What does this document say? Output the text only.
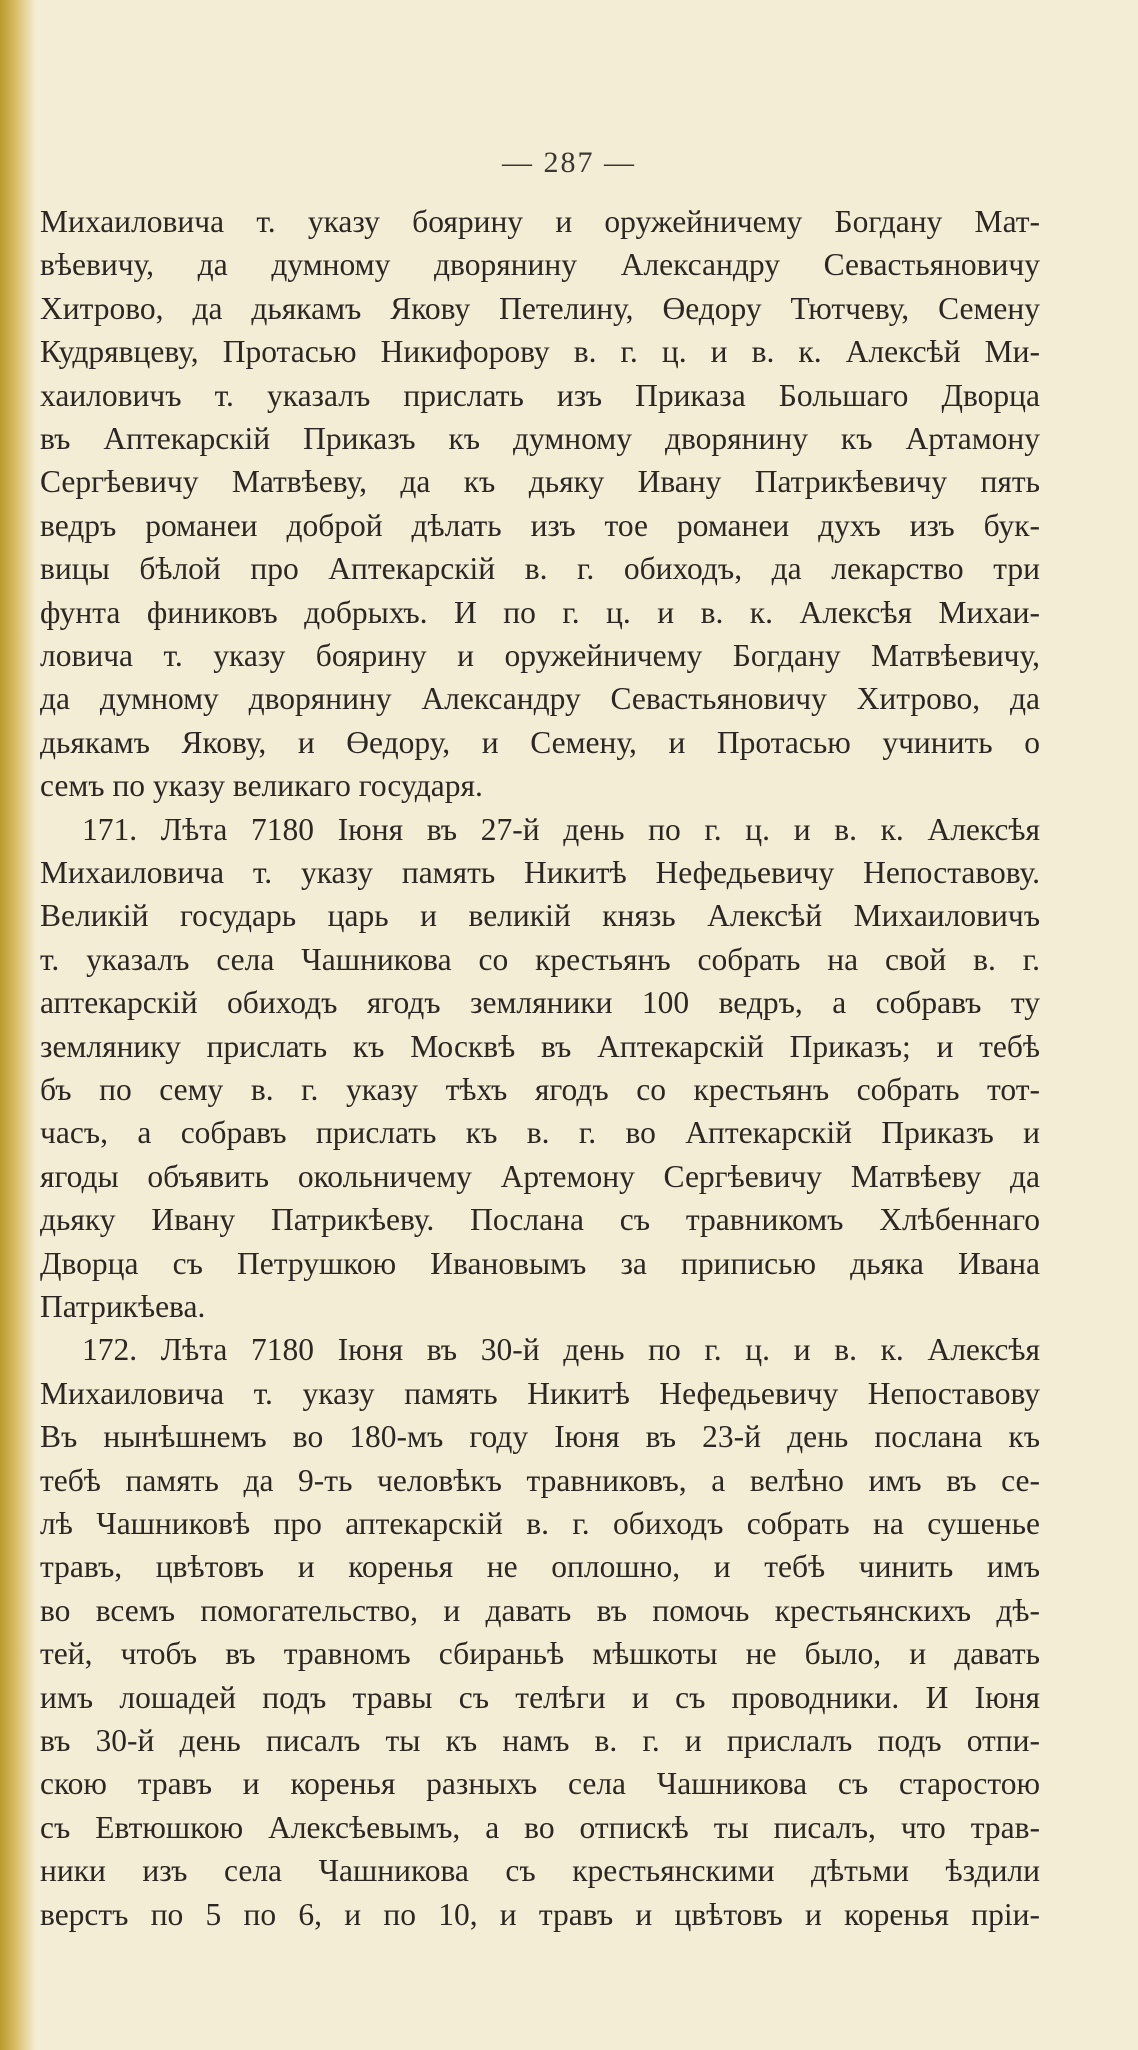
— 287 —
Михаиловича т. указу боярину и оружейничему Богдану Мат-
вѣевичу, да думному дворянину Александру Севастьяновичу
Хитрово, да дьякамъ Якову Петелину, Өедору Тютчеву, Семену
Кудрявцеву, Протасью Никифорову в. г. ц. и в. к. Алексѣй Ми-
хаиловичъ т. указалъ прислать изъ Приказа Большаго Дворца
въ Аптекарскій Приказъ къ думному дворянину къ Артамону
Сергѣевичу Матвѣеву, да къ дьяку Ивану Патрикѣевичу пять
ведръ романеи доброй дѣлать изъ тое романеи духъ изъ бук-
вицы бѣлой про Аптекарскій в. г. обиходъ, да лекарство три
фунта финиковъ добрыхъ. И по г. ц. и в. к. Алексѣя Михаи-
ловича т. указу боярину и оружейничему Богдану Матвѣевичу,
да думному дворянину Александру Севастьяновичу Хитрово, да
дьякамъ Якову, и Өедору, и Семену, и Протасью учинить о
семъ по указу великаго государя.
171. Лѣта 7180 Іюня въ 27-й день по г. ц. и в. к. Алексѣя
Михаиловича т. указу память Никитѣ Нефедьевичу Непоставову.
Великій государь царь и великій князь Алексѣй Михаиловичъ
т. указалъ села Чашникова со крестьянъ собрать на свой в. г.
аптекарскій обиходъ ягодъ земляники 100 ведръ, а собравъ ту
землянику прислать къ Москвѣ въ Аптекарскій Приказъ; и тебѣ
бъ по сему в. г. указу тѣхъ ягодъ со крестьянъ собрать тот-
часъ, а собравъ прислать къ в. г. во Аптекарскій Приказъ и
ягоды объявить окольничему Артемону Сергѣевичу Матвѣеву да
дьяку Ивану Патрикѣеву. Послана съ травникомъ Хлѣбеннаго
Дворца съ Петрушкою Ивановымъ за приписью дьяка Ивана
Патрикѣева.
172. Лѣта 7180 Іюня въ 30-й день по г. ц. и в. к. Алексѣя
Михаиловича т. указу память Никитѣ Нефедьевичу Непоставову
Въ нынѣшнемъ во 180-мъ году Іюня въ 23-й день послана къ
тебѣ память да 9-ть человѣкъ травниковъ, а велѣно имъ въ се-
лѣ Чашниковѣ про аптекарскій в. г. обиходъ собрать на сушенье
травъ, цвѣтовъ и коренья не оплошно, и тебѣ чинить имъ
во всемъ помогательство, и давать въ помочь крестьянскихъ дѣ-
тей, чтобъ въ травномъ сбираньѣ мѣшкоты не было, и давать
имъ лошадей подъ травы съ телѣги и съ проводники. И Іюня
въ 30-й день писалъ ты къ намъ в. г. и прислалъ подъ отпи-
скою травъ и коренья разныхъ села Чашникова съ старостою
съ Евтюшкою Алексѣевымъ, а во отпискѣ ты писалъ, что трав-
ники изъ села Чашникова съ крестьянскими дѣтьми ѣздили
верстъ по 5 по 6, и по 10, и травъ и цвѣтовъ и коренья пріи-
